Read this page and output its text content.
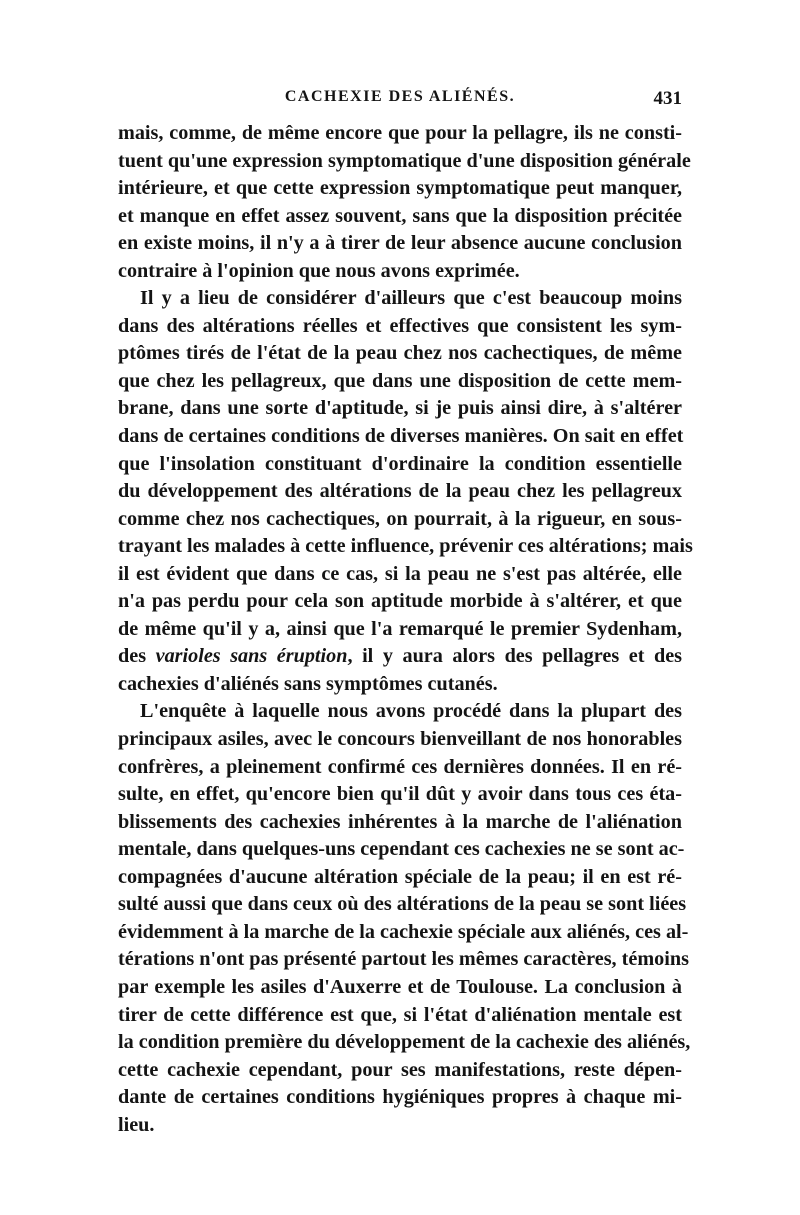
CACHEXIE DES ALIÉNÉS.	431
mais, comme, de même encore que pour la pellagre, ils ne consti-
tuent qu'une expression symptomatique d'une disposition générale
intérieure, et que cette expression symptomatique peut manquer,
et manque en effet assez souvent, sans que la disposition précitée
en existe moins, il n'y a à tirer de leur absence aucune conclusion
contraire à l'opinion que nous avons exprimée.
Il y a lieu de considérer d'ailleurs que c'est beaucoup moins
dans des altérations réelles et effectives que consistent les sym-
ptômes tirés de l'état de la peau chez nos cachectiques, de même
que chez les pellagreux, que dans une disposition de cette mem-
brane, dans une sorte d'aptitude, si je puis ainsi dire, à s'altérer
dans de certaines conditions de diverses manières. On sait en effet
que l'insolation constituant d'ordinaire la condition essentielle
du développement des altérations de la peau chez les pellagreux
comme chez nos cachectiques, on pourrait, à la rigueur, en sous-
trayant les malades à cette influence, prévenir ces altérations; mais
il est évident que dans ce cas, si la peau ne s'est pas altérée, elle
n'a pas perdu pour cela son aptitude morbide à s'altérer, et que
de même qu'il y a, ainsi que l'a remarqué le premier Sydenham,
des varioles sans éruption, il y aura alors des pellagres et des
cachexies d'aliénés sans symptômes cutanés.
L'enquête à laquelle nous avons procédé dans la plupart des
principaux asiles, avec le concours bienveillant de nos honorables
confrères, a pleinement confirmé ces dernières données. Il en ré-
sulte, en effet, qu'encore bien qu'il dût y avoir dans tous ces éta-
blissements des cachexies inhérentes à la marche de l'aliénation
mentale, dans quelques-uns cependant ces cachexies ne se sont ac-
compagnées d'aucune altération spéciale de la peau; il en est ré-
sulté aussi que dans ceux où des altérations de la peau se sont liées
évidemment à la marche de la cachexie spéciale aux aliénés, ces al-
térations n'ont pas présenté partout les mêmes caractères, témoins
par exemple les asiles d'Auxerre et de Toulouse. La conclusion à
tirer de cette différence est que, si l'état d'aliénation mentale est
la condition première du développement de la cachexie des aliénés,
cette cachexie cependant, pour ses manifestations, reste dépen-
dante de certaines conditions hygiéniques propres à chaque mi-
lieu.
